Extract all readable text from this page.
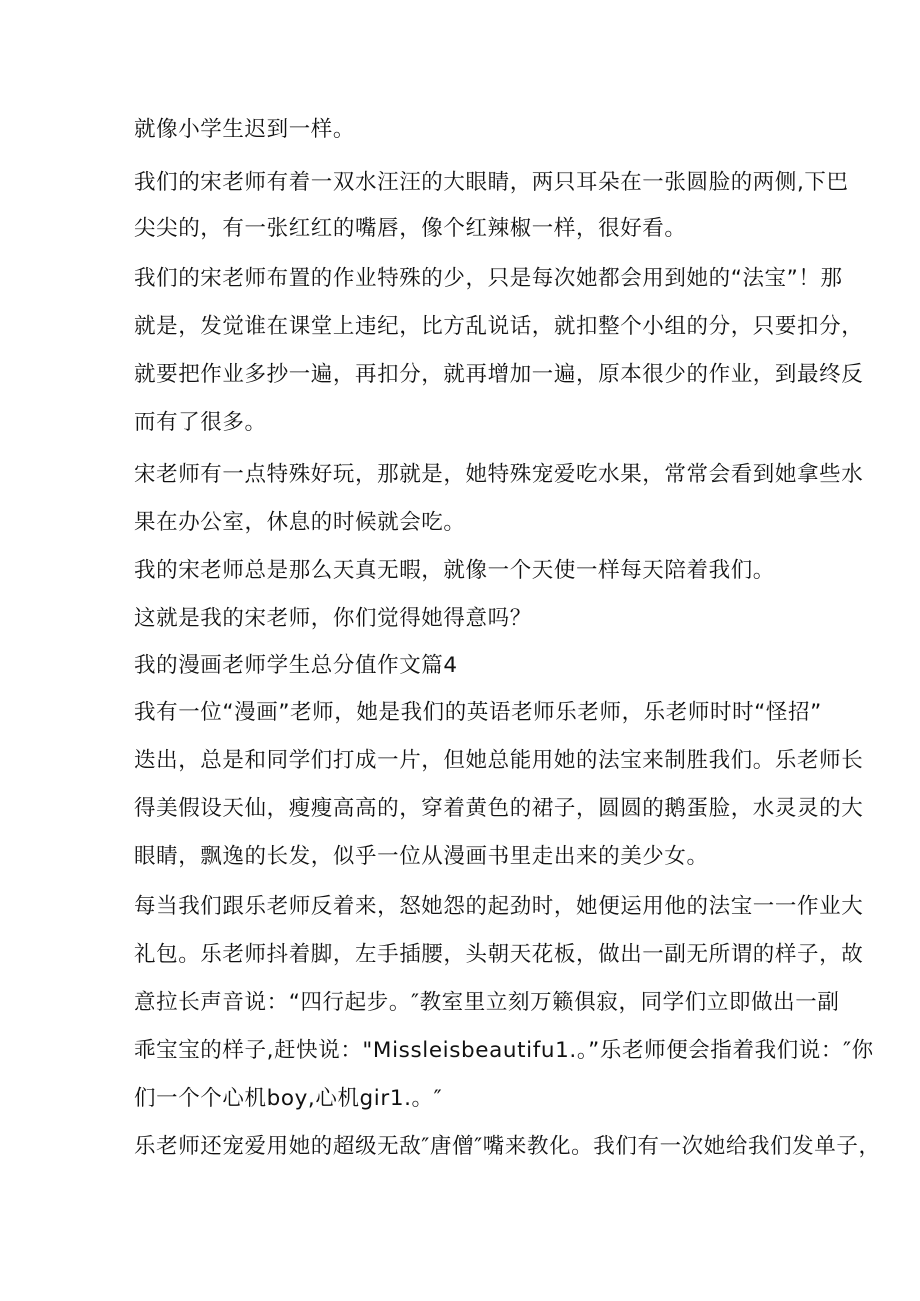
就像小学生迟到一样。

我们的宋老师有着一双水汪汪的大眼睛，两只耳朵在一张圆脸的两侧,下巴

尖尖的，有一张红红的嘴唇，像个红辣椒一样，很好看。

我们的宋老师布置的作业特殊的少，只是每次她都会用到她的“法宝”！那

就是，发觉谁在课堂上违纪，比方乱说话，就扣整个小组的分，只要扣分，

就要把作业多抄一遍，再扣分，就再增加一遍，原本很少的作业，到最终反

而有了很多。

宋老师有一点特殊好玩，那就是，她特殊宠爱吃水果，常常会看到她拿些水

果在办公室，休息的时候就会吃。

我的宋老师总是那么天真无暇，就像一个天使一样每天陪着我们。

这就是我的宋老师，你们觉得她得意吗？

我的漫画老师学生总分值作文篇4

我有一位“漫画”老师，她是我们的英语老师乐老师，乐老师时时“怪招”

迭出，总是和同学们打成一片，但她总能用她的法宝来制胜我们。乐老师长

得美假设天仙，瘦瘦高高的，穿着黄色的裙子，圆圆的鹅蛋脸，水灵灵的大

眼睛，飘逸的长发，似乎一位从漫画书里走出来的美少女。

每当我们跟乐老师反着来，怒她怨的起劲时，她便运用他的法宝一一作业大

礼包。乐老师抖着脚，左手插腰，头朝天花板，做出一副无所谓的样子，故

意拉长声音说：“四行起步。″教室里立刻万籁俱寂，同学们立即做出一副

乖宝宝的样子,赶快说："Missleisbeautifu1.。”乐老师便会指着我们说：″你

们一个个心机boy,心机gir1.。″

乐老师还宠爱用她的超级无敌″唐僧″嘴来教化。我们有一次她给我们发单子，
